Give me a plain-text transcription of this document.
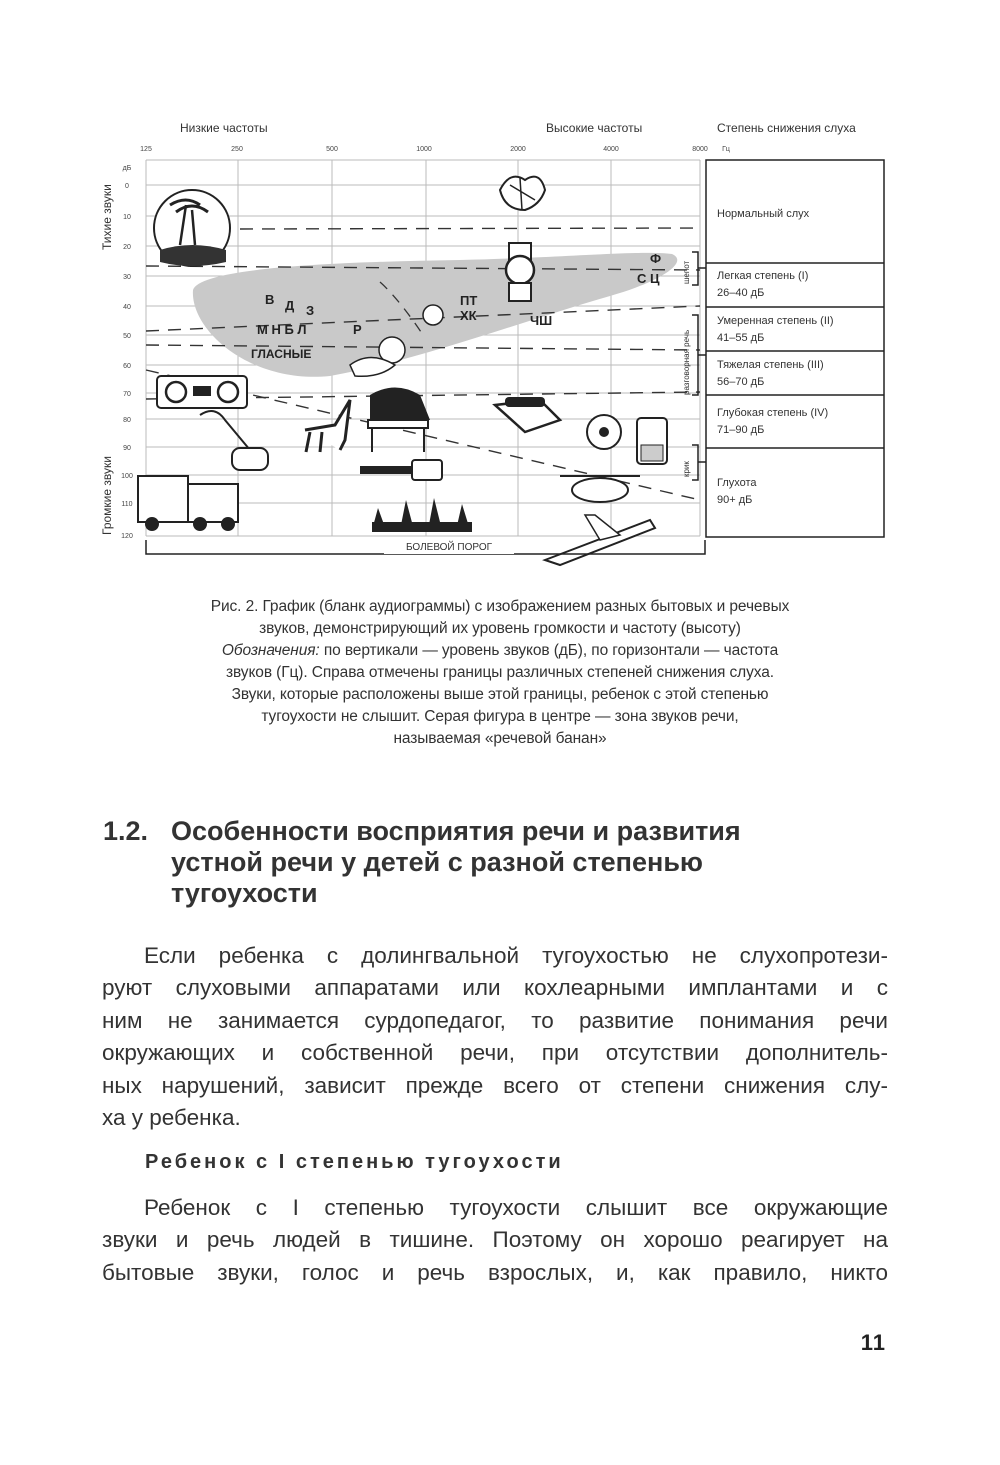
Низкие частоты	Высокие частоты	Степень снижения слуха
125	250	500	1000	2000	4000	8000 Гц
дБ
0
10
20
30
40
50
60
70
80
90
100
110
120
Тихие звуки
Громкие звуки
В Д З
М Н Б Л	Р
ГЛАСНЫЕ
ПТ
ХК	ЧШ
Ф
С Ц
БОЛЕВОЙ ПОРОГ
шепот
разговорная речь
крик
Нормальный слух
Легкая степень (I)
26–40 дБ
Умеренная степень (II)
41–55 дБ
Тяжелая степень (III)
56–70 дБ
Глубокая степень (IV)
71–90 дБ
Глухота
90+ дБ
Рис. 2. График (бланк аудиограммы) с изображением разных бытовых и речевых
звуков, демонстрирующий их уровень громкости и частоту (высоту)
Обозначения: по вертикали — уровень звуков (дБ), по горизонтали — частота
звуков (Гц). Справа отмечены границы различных степеней снижения слуха.
Звуки, которые расположены выше этой границы, ребенок с этой степенью
тугоухости не слышит. Серая фигура в центре — зона звуков речи,
называемая «речевой банан»
1.2. Особенности восприятия речи и развития
устной речи у детей с разной степенью
тугоухости
Если ребенка с долингвальной тугоухостью не слухопротези-
руют слуховыми аппаратами или кохлеарными имплантами и с
ним не занимается сурдопедагог, то развитие понимания речи
окружающих и собственной речи, при отсутствии дополнитель-
ных нарушений, зависит прежде всего от степени снижения слу-
ха у ребенка.
Ребенок с I степенью тугоухости
Ребенок с I степенью тугоухости слышит все окружающие
звуки и речь людей в тишине. Поэтому он хорошо реагирует на
бытовые звуки, голос и речь взрослых, и, как правило, никто
11
